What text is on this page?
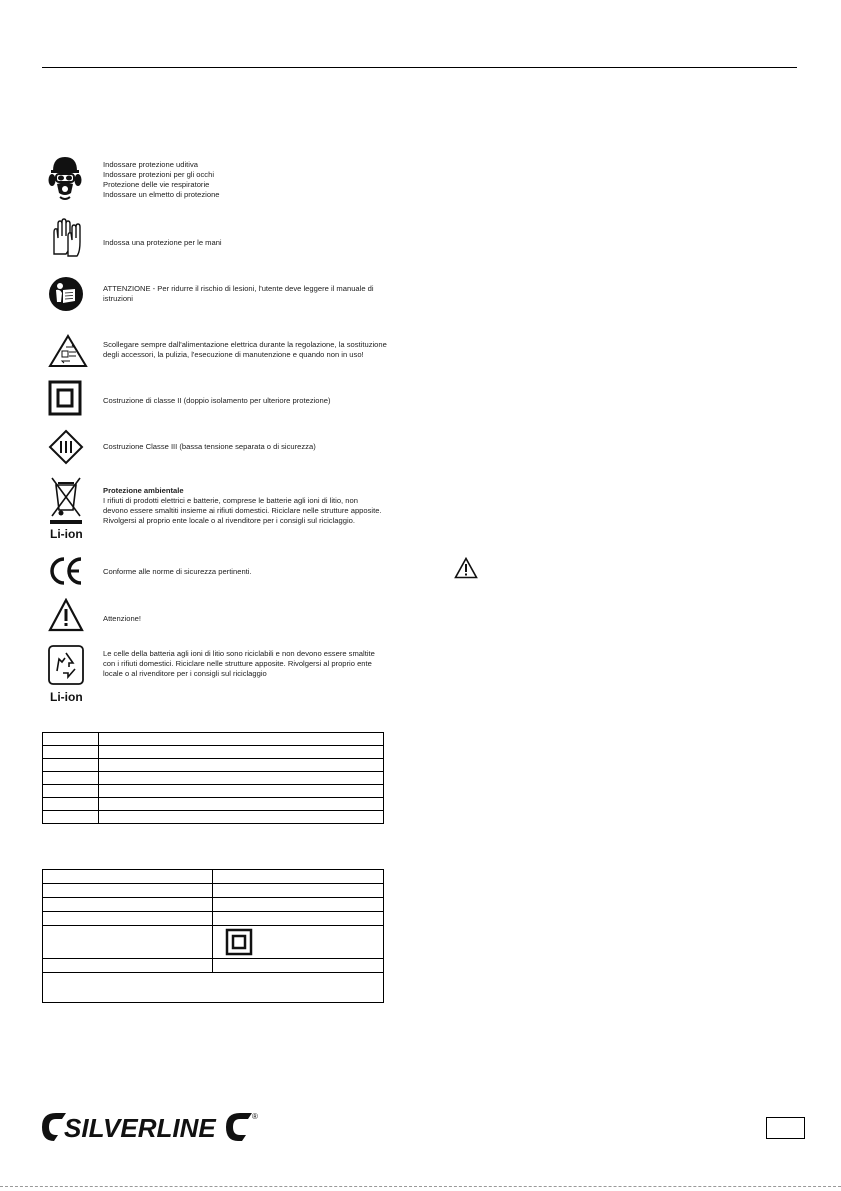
Indossare protezione uditiva
Indossare protezioni per gli occhi
Protezione delle vie respiratorie
Indossare un elmetto di protezione
Indossa una protezione per le mani
ATTENZIONE - Per ridurre il rischio di lesioni, l'utente deve leggere il manuale di
istruzioni
Scollegare sempre dall'alimentazione elettrica durante la regolazione, la sostituzione
degli accessori, la pulizia, l'esecuzione di manutenzione e quando non in uso!
Costruzione di classe II (doppio isolamento per ulteriore protezione)
Costruzione Classe III (bassa tensione separata o di sicurezza)
Li-ion
Protezione ambientale
I rifiuti di prodotti elettrici e batterie, comprese le batterie agli ioni di litio, non
devono essere smaltiti insieme ai rifiuti domestici. Riciclare nelle strutture apposite.
Rivolgersi al proprio ente locale o al rivenditore per i consigli sul riciclaggio.
Conforme alle norme di sicurezza pertinenti.
Attenzione!
Li-ion
Le celle della batteria agli ioni di litio sono riciclabili e non devono essere smaltite
con i rifiuti domestici. Riciclare nelle strutture apposite. Rivolgersi al proprio ente
locale o al rivenditore per i consigli sul riciclaggio

SILVERLINE	®
